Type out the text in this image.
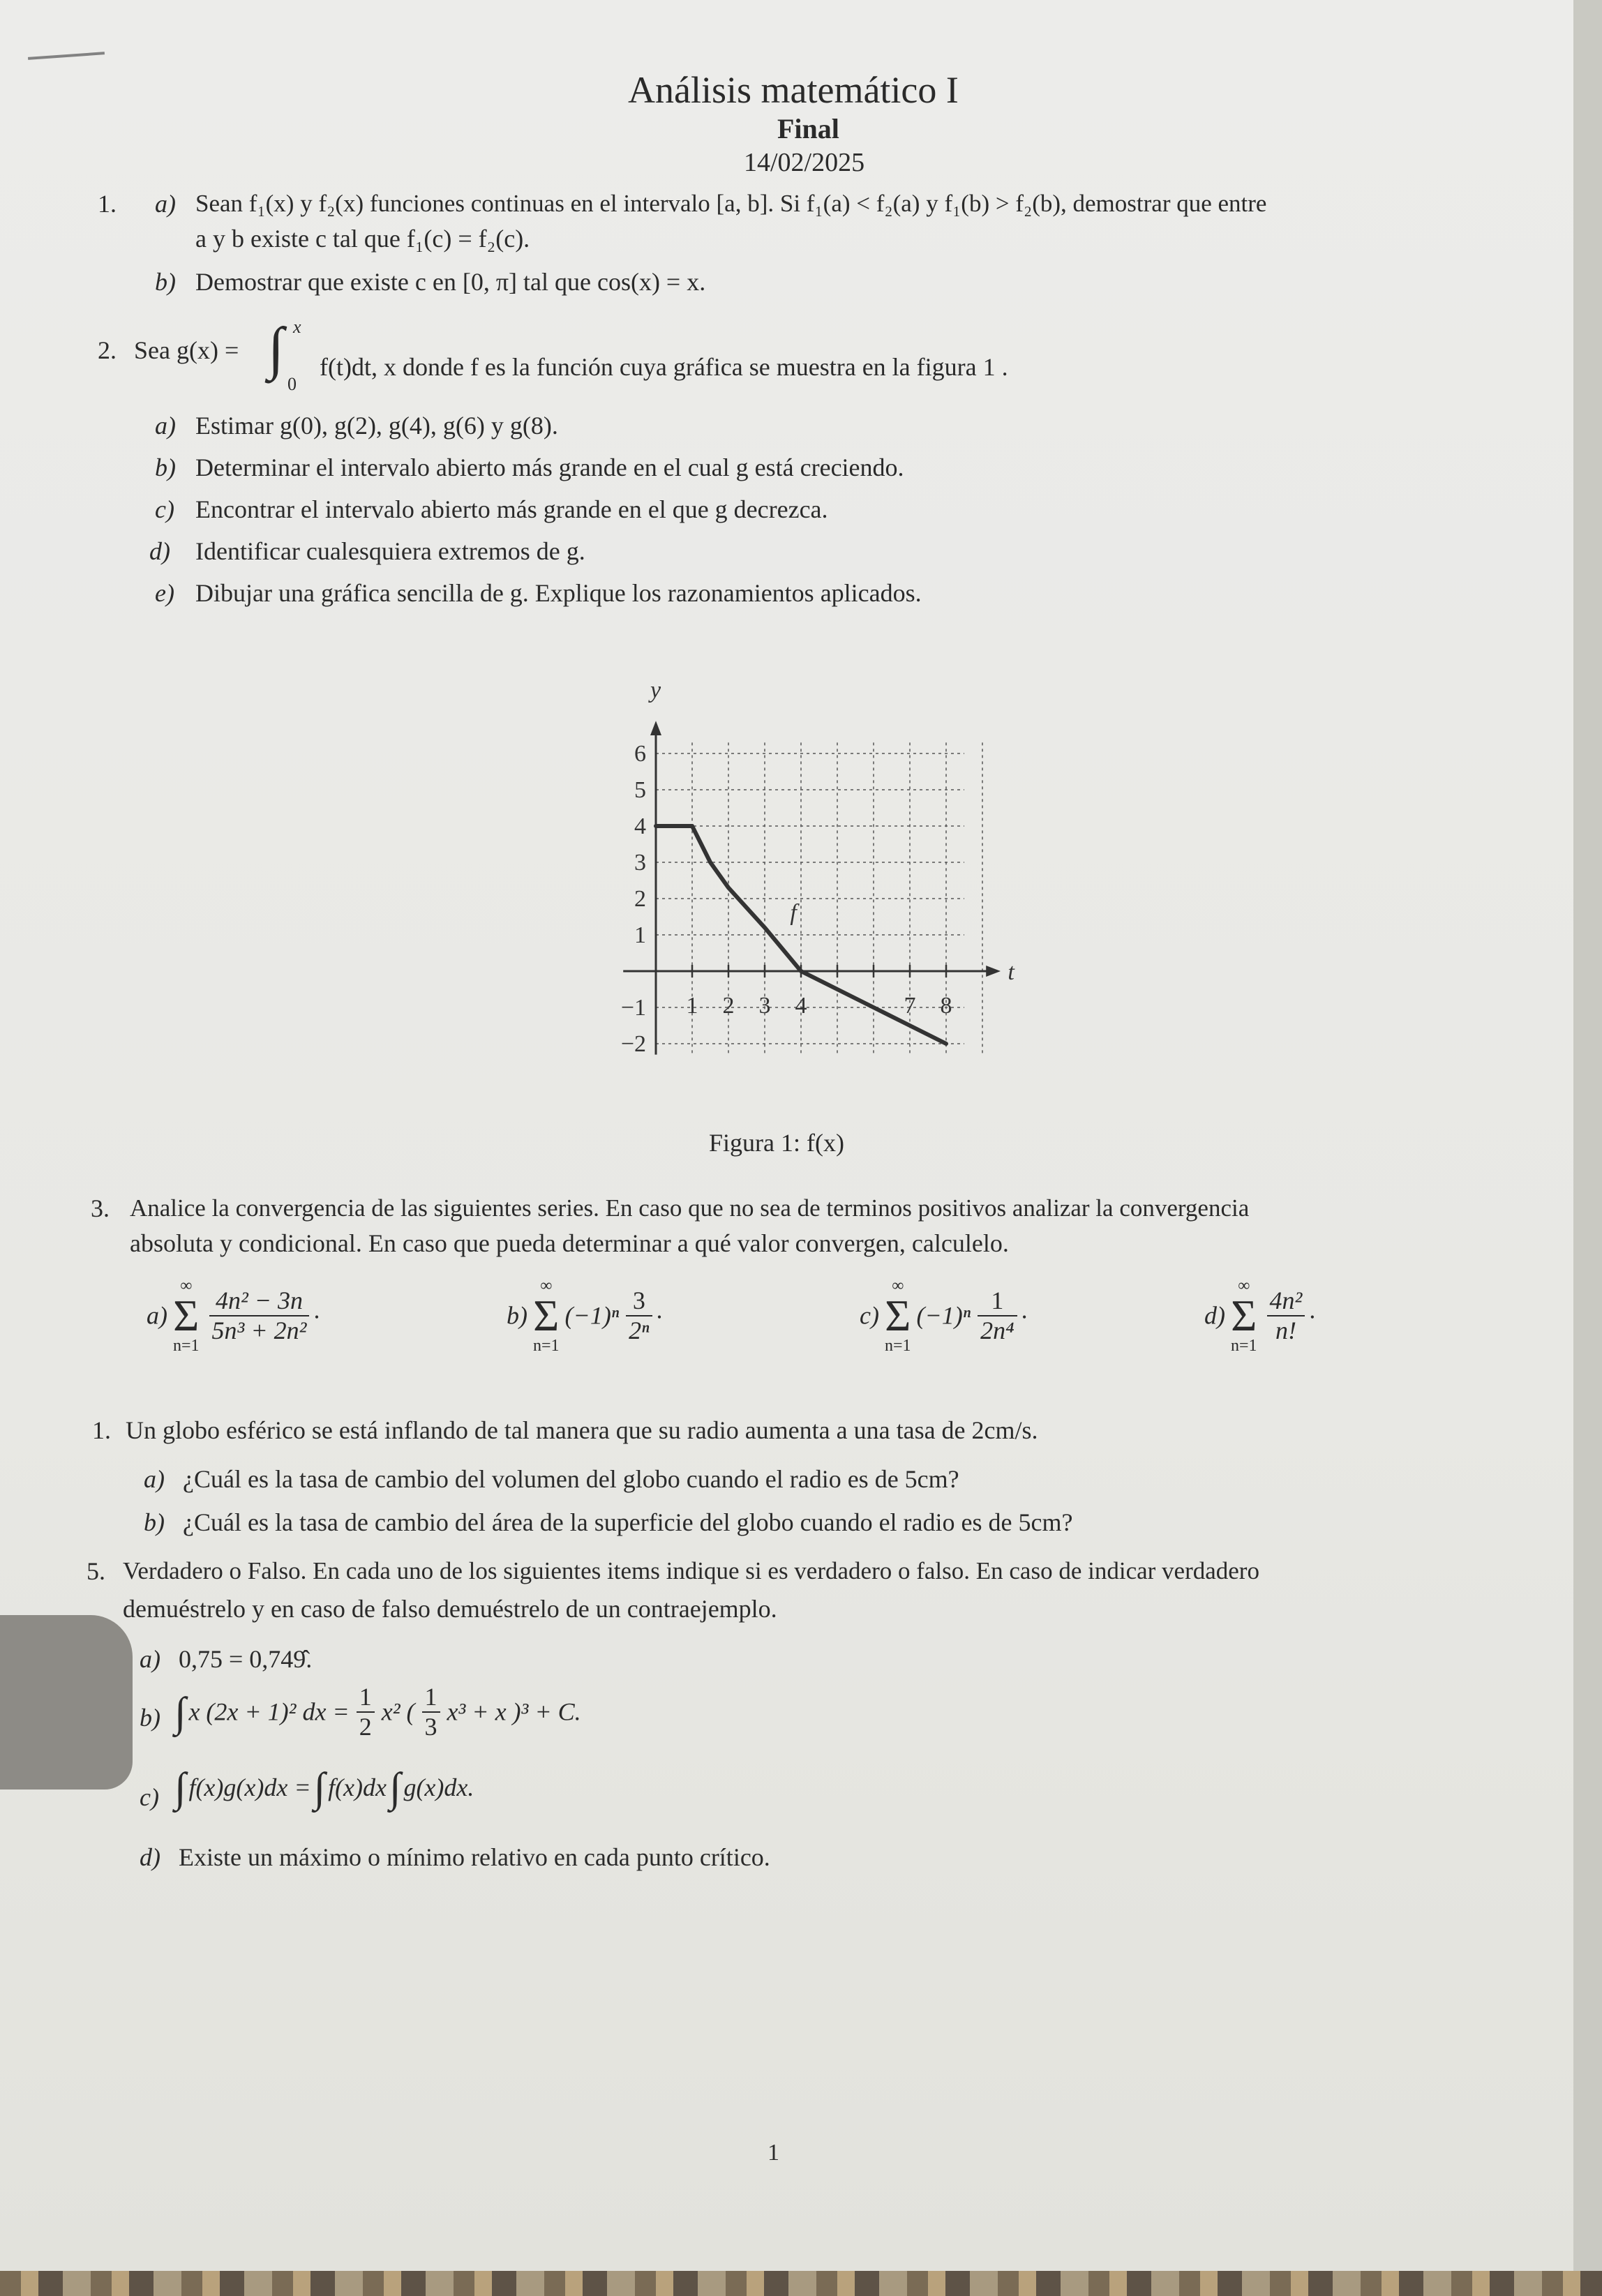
Análisis matemático I
Final
14/02/2025
1. a) Sean f₁(x) y f₂(x) funciones continuas en el intervalo [a, b]. Si f₁(a) < f₂(a) y f₁(b) > f₂(b), demostrar que entre
a y b existe c tal que f₁(c) = f₂(c).
b) Demostrar que existe c en [0, π] tal que cos(x) = x.
2. Sea g(x) = ∫ x
0
f(t)dt, x donde f es la función cuya gráfica se muestra en la figura 1 .
a) Estimar g(0), g(2), g(4), g(6) y g(8).
b) Determinar el intervalo abierto más grande en el cual g está creciendo.
c) Encontrar el intervalo abierto más grande en el que g decrezca.
d) Identificar cualesquiera extremos de g.
e) Dibujar una gráfica sencilla de g. Explique los razonamientos aplicados.
6
5
4
3
2
1
−1
−2
1 2 3 4	7 8
y
t
f
Figura 1: f(x)
3. Analice la convergencia de las siguientes series. En caso que no sea de terminos positivos analizar la convergencia
absoluta y condicional. En caso que pueda determinar a qué valor convergen, calculelo.
a)
∞
Σ
n=1

$\frac{\text{4n² − 3n}}{\text{5n³ + 2n²}}$ .	b)
∞
Σ
n=1
$(-1)^n \frac{3}{\text{2ⁿ}}$ .	c)
∞
Σ
n=1
$(-1)^n \frac{1}{\text{2n⁴}}$ .	d)
∞
Σ
n=1

$\frac{\text{4n²}}{n!}$ .
1. Un globo esférico se está inflando de tal manera que su radio aumenta a una tasa de 2cm/s.
a) ¿Cuál es la tasa de cambio del volumen del globo cuando el radio es de 5cm?
b) ¿Cuál es la tasa de cambio del área de la superficie del globo cuando el radio es de 5cm?
5. Verdadero o Falso. En cada uno de los siguientes items indique si es verdadero o falso. En caso de indicar verdadero
demuéstrelo y en caso de falso demuéstrelo de un contraejemplo.
a) 0,75 = 0,749̂.
b) ∫ x (2x + 1)² dx = $\frac{1}{2} x^2$ ( $\frac{1}{3} x^3 + x$ )³ + C.
c) ∫ f(x)g(x)dx = ∫ f(x)dx ∫ g(x)dx.
d) Existe un máximo o mínimo relativo en cada punto crítico.
1
